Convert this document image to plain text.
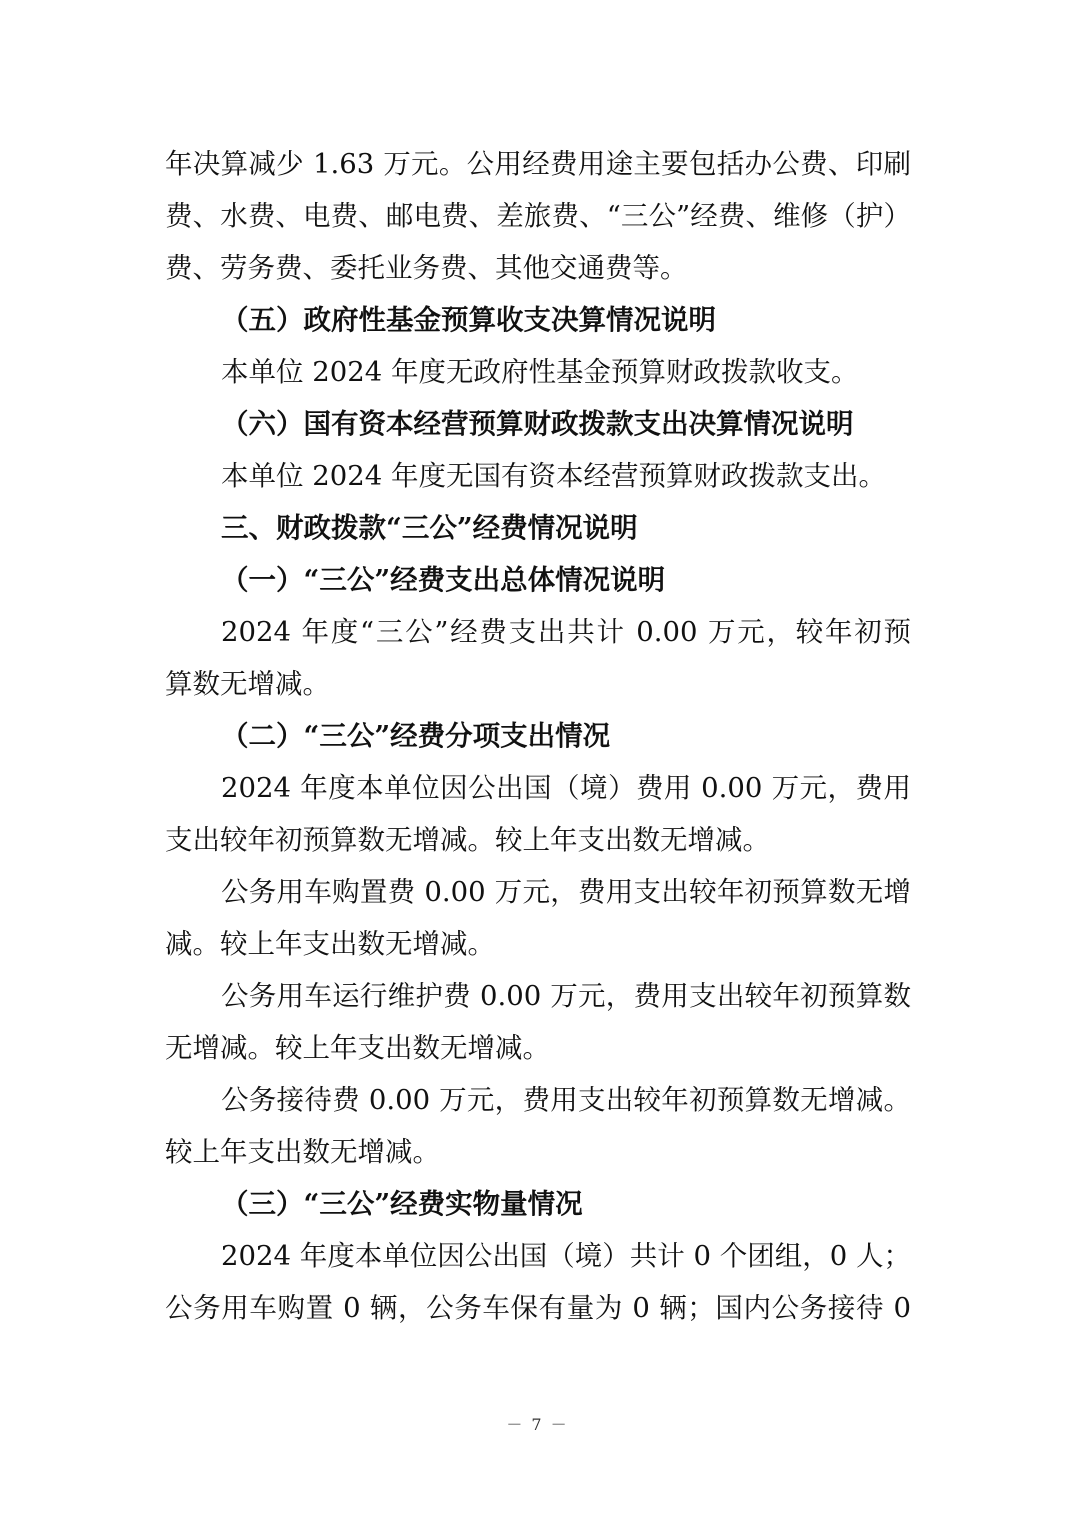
年决算减少 1.63 万元。公用经费用途主要包括办公费、印刷
费、水费、电费、邮电费、差旅费、“三公”经费、维修（护）
费、劳务费、委托业务费、其他交通费等。
（五）政府性基金预算收支决算情况说明
本单位 2024 年度无政府性基金预算财政拨款收支。
（六）国有资本经营预算财政拨款支出决算情况说明
本单位 2024 年度无国有资本经营预算财政拨款支出。
三、财政拨款“三公”经费情况说明
（一）“三公”经费支出总体情况说明
2024 年度“三公”经费支出共计 0.00 万元，较年初预
算数无增减。
（二）“三公”经费分项支出情况
2024 年度本单位因公出国（境）费用 0.00 万元，费用
支出较年初预算数无增减。较上年支出数无增减。
公务用车购置费 0.00 万元，费用支出较年初预算数无增
减。较上年支出数无增减。
公务用车运行维护费 0.00 万元，费用支出较年初预算数
无增减。较上年支出数无增减。
公务接待费 0.00 万元，费用支出较年初预算数无增减。
较上年支出数无增减。
（三）“三公”经费实物量情况
2024 年度本单位因公出国（境）共计 0 个团组，0 人；
公务用车购置 0 辆，公务车保有量为 0 辆；国内公务接待 0
－ 7 －
